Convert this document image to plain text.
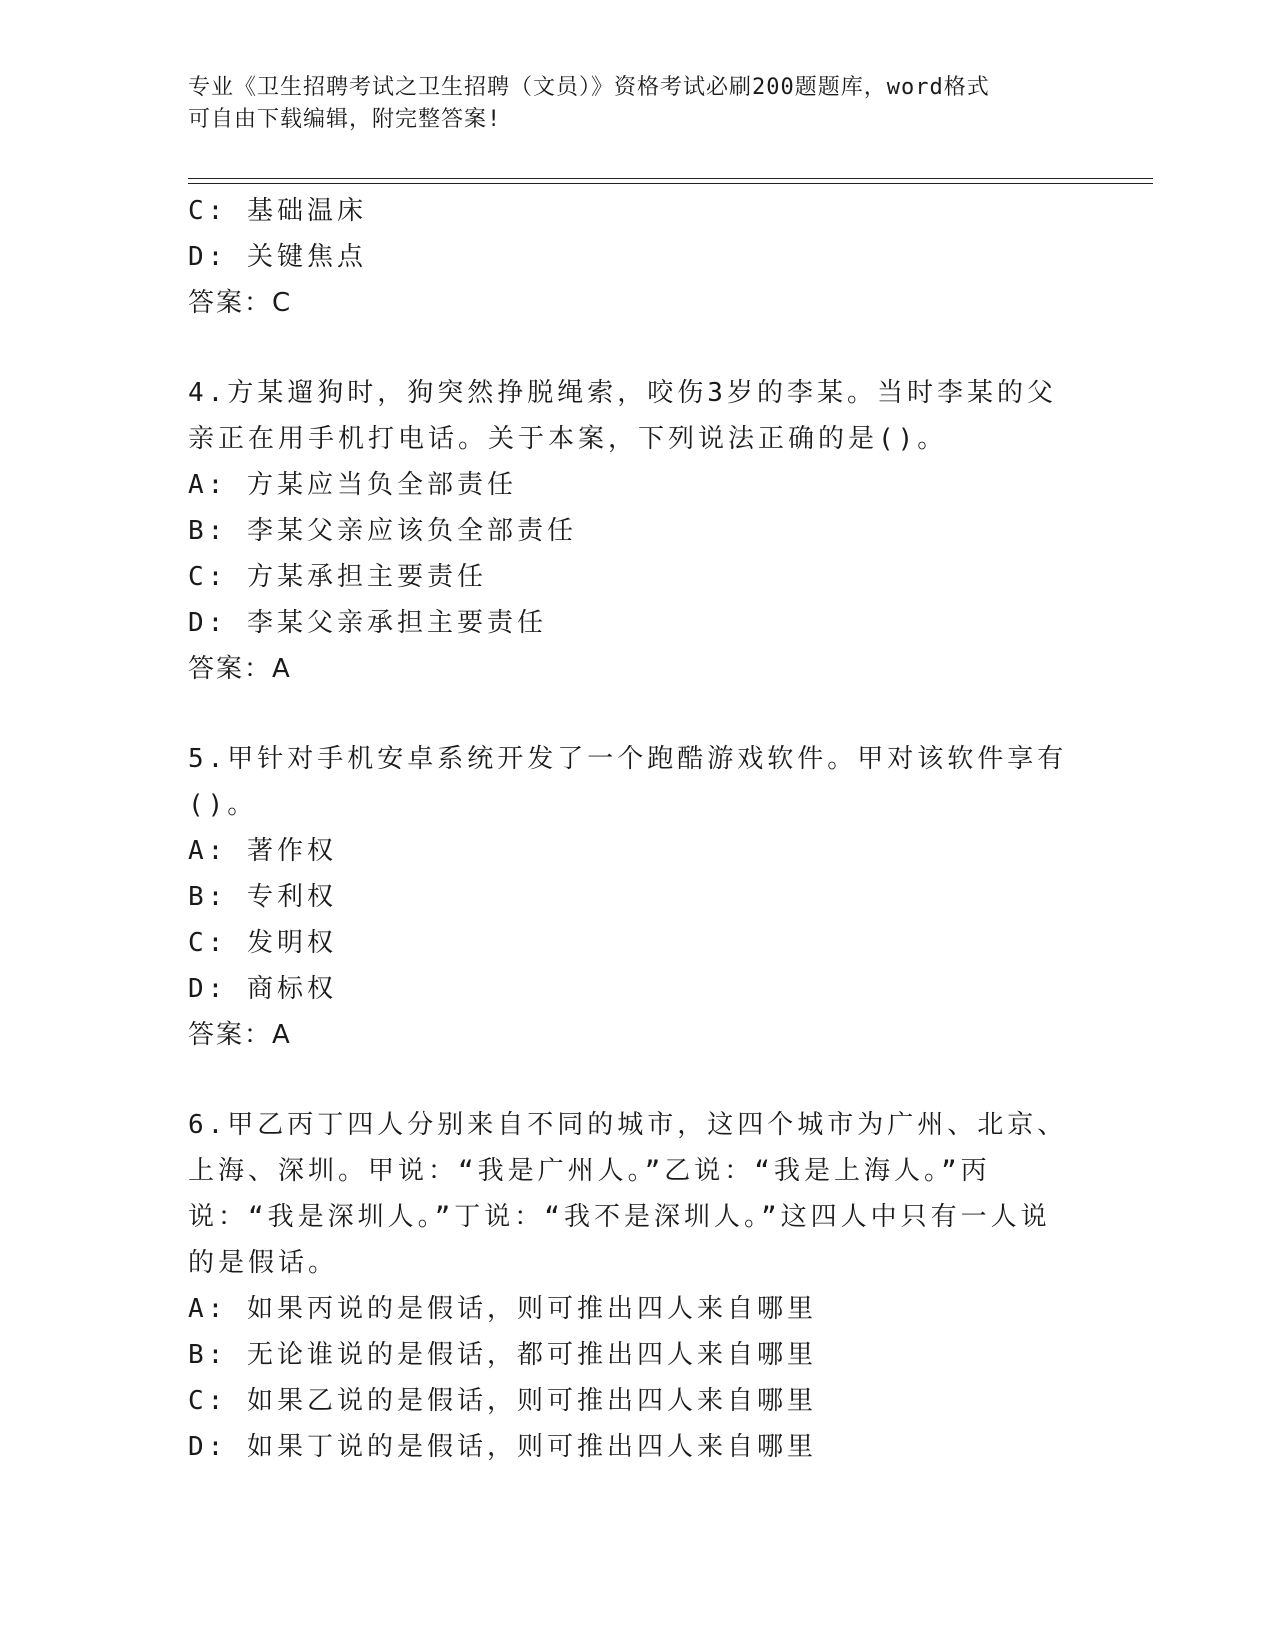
专业《卫生招聘考试之卫生招聘（文员）》资格考试必刷200题题库，word格式
可自由下载编辑，附完整答案!
C: 基础温床
D: 关键焦点
答案：C
4.方某遛狗时，狗突然挣脱绳索，咬伤3岁的李某。当时李某的父亲正在用手机打电话。关于本案，下列说法正确的是()。
A: 方某应当负全部责任
B: 李某父亲应该负全部责任
C: 方某承担主要责任
D: 李某父亲承担主要责任
答案：A
5.甲针对手机安卓系统开发了一个跑酷游戏软件。甲对该软件享有()。
A: 著作权
B: 专利权
C: 发明权
D: 商标权
答案：A
6.甲乙丙丁四人分别来自不同的城市，这四个城市为广州、北京、上海、深圳。甲说：“我是广州人。”乙说：“我是上海人。”丙说：“我是深圳人。”丁说：“我不是深圳人。”这四人中只有一人说的是假话。
A: 如果丙说的是假话，则可推出四人来自哪里
B: 无论谁说的是假话，都可推出四人来自哪里
C: 如果乙说的是假话，则可推出四人来自哪里
D: 如果丁说的是假话，则可推出四人来自哪里
